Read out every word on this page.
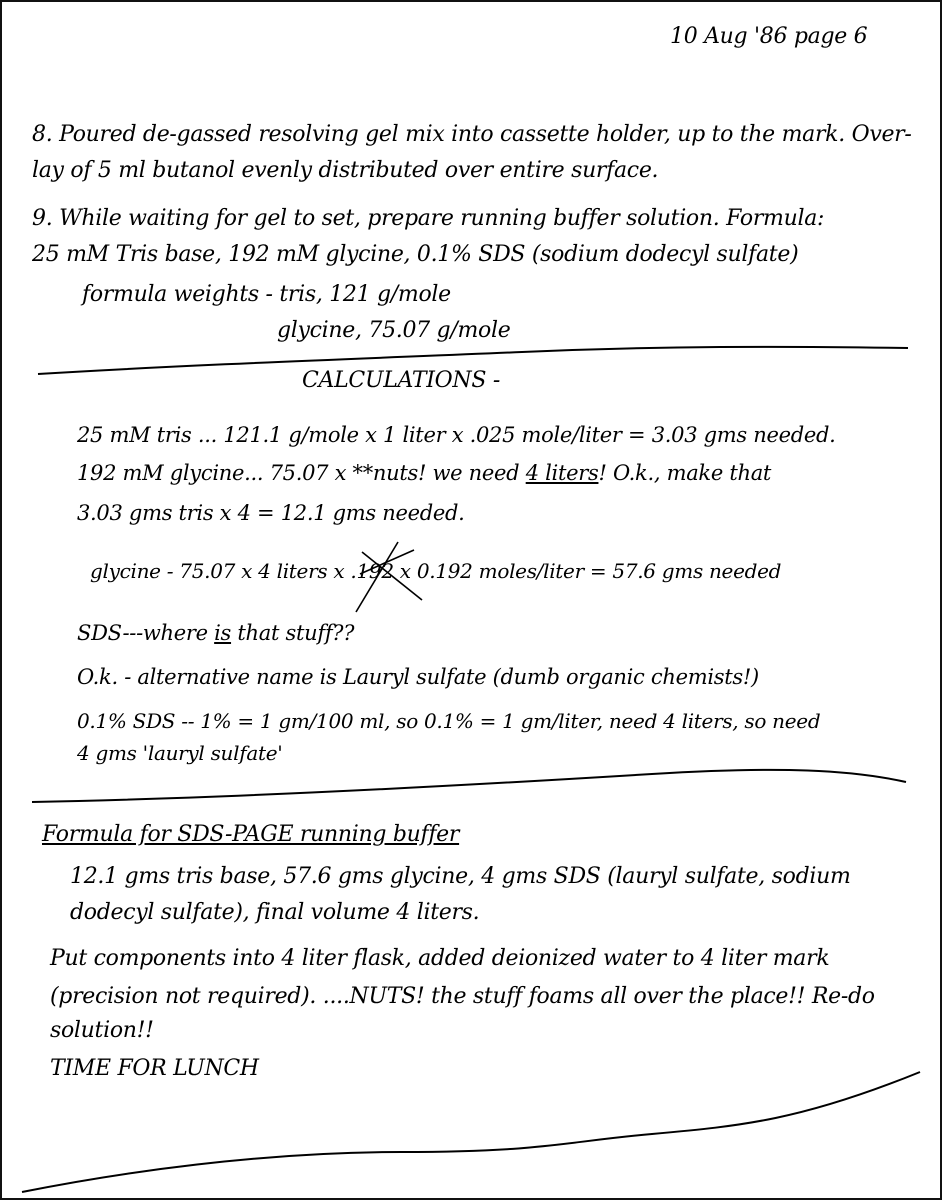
10 Aug '86 page 6
8. Poured de-gassed resolving gel mix into cassette holder, up to the mark. Over-
lay of 5 ml butanol evenly distributed over entire surface.
9. While waiting for gel to set, prepare running buffer solution. Formula:
25 mM Tris base, 192 mM glycine, 0.1% SDS (sodium dodecyl sulfate)
formula weights - tris, 121 g/mole
glycine, 75.07 g/mole
CALCULATIONS -
25 mM tris ... 121.1 g/mole x 1 liter x .025 mole/liter = 3.03 gms needed.
192 mM glycine... 75.07 x **nuts! we need 4 liters! O.k., make that
3.03 gms tris x 4 = 12.1 gms needed.
glycine - 75.07 x 4 liters x .192 x 0.192 moles/liter = 57.6 gms needed
SDS---where is that stuff??
O.k. - alternative name is Lauryl sulfate (dumb organic chemists!)
0.1% SDS -- 1% = 1 gm/100 ml, so 0.1% = 1 gm/liter, need 4 liters, so need
4 gms 'lauryl sulfate'
Formula for SDS-PAGE running buffer
12.1 gms tris base, 57.6 gms glycine, 4 gms SDS (lauryl sulfate, sodium
dodecyl sulfate), final volume 4 liters.
Put components into 4 liter flask, added deionized water to 4 liter mark
(precision not required). ....NUTS! the stuff foams all over the place!! Re-do
solution!!
TIME FOR LUNCH
